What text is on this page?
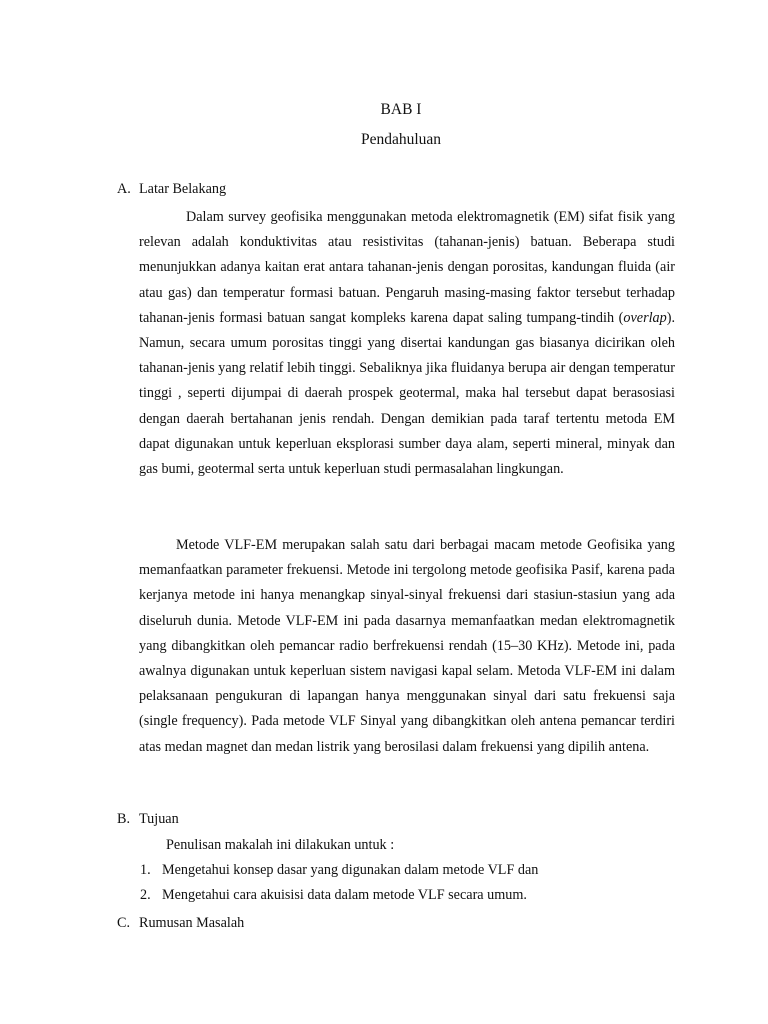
BAB I
Pendahuluan
A. Latar Belakang

Dalam survey geofisika menggunakan metoda elektromagnetik (EM) sifat fisik yang relevan adalah konduktivitas atau resistivitas (tahanan-jenis) batuan. Beberapa studi menunjukkan adanya kaitan erat antara tahanan-jenis dengan porositas, kandungan fluida (air atau gas) dan temperatur formasi batuan. Pengaruh masing-masing faktor tersebut terhadap tahanan-jenis formasi batuan sangat kompleks karena dapat saling tumpang-tindih (overlap). Namun, secara umum porositas tinggi yang disertai kandungan gas biasanya dicirikan oleh tahanan-jenis yang relatif lebih tinggi. Sebaliknya jika fluidanya berupa air dengan temperatur tinggi , seperti dijumpai di daerah prospek geotermal, maka hal tersebut dapat berasosiasi dengan daerah bertahanan jenis rendah. Dengan demikian pada taraf tertentu metoda EM dapat digunakan untuk keperluan eksplorasi sumber daya alam, seperti mineral, minyak dan gas bumi, geotermal serta untuk keperluan studi permasalahan lingkungan.

Metode VLF-EM merupakan salah satu dari berbagai macam metode Geofisika yang memanfaatkan parameter frekuensi. Metode ini tergolong metode geofisika Pasif, karena pada kerjanya metode ini hanya menangkap sinyal-sinyal frekuensi dari stasiun-stasiun yang ada diseluruh dunia. Metode VLF-EM ini pada dasarnya memanfaatkan medan elektromagnetik yang dibangkitkan oleh pemancar radio berfrekuensi rendah (15–30 KHz). Metode ini, pada awalnya digunakan untuk keperluan sistem navigasi kapal selam. Metoda VLF-EM ini dalam pelaksanaan pengukuran di lapangan hanya menggunakan sinyal dari satu frekuensi saja (single frequency). Pada metode VLF Sinyal yang dibangkitkan oleh antena pemancar terdiri atas medan magnet dan medan listrik yang berosilasi dalam frekuensi yang dipilih antena.

B. Tujuan
Penulisan makalah ini dilakukan untuk :
1. Mengetahui konsep dasar yang digunakan dalam metode VLF dan
2. Mengetahui cara akuisisi data dalam metode VLF secara umum.
C. Rumusan Masalah
